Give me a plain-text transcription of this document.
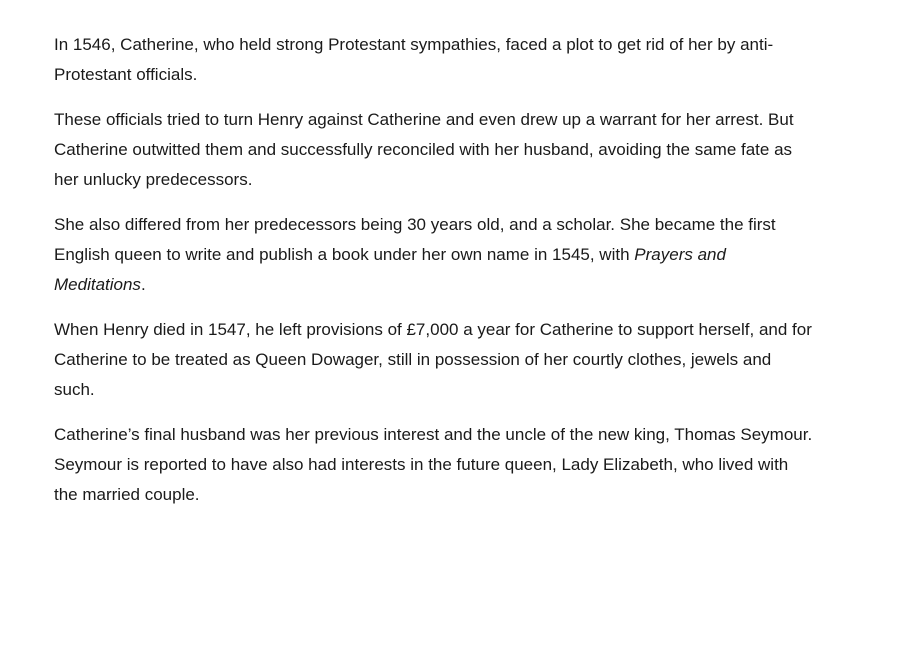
In 1546, Catherine, who held strong Protestant sympathies, faced a plot to get rid of her by anti-Protestant officials.

These officials tried to turn Henry against Catherine and even drew up a warrant for her arrest. But Catherine outwitted them and successfully reconciled with her husband, avoiding the same fate as her unlucky predecessors.

She also differed from her predecessors being 30 years old, and a scholar. She became the first English queen to write and publish a book under her own name in 1545, with Prayers and Meditations.

When Henry died in 1547, he left provisions of £7,000 a year for Catherine to support herself, and for Catherine to be treated as Queen Dowager, still in possession of her courtly clothes, jewels and such.

Catherine’s final husband was her previous interest and the uncle of the new king, Thomas Seymour. Seymour is reported to have also had interests in the future queen, Lady Elizabeth, who lived with the married couple.
